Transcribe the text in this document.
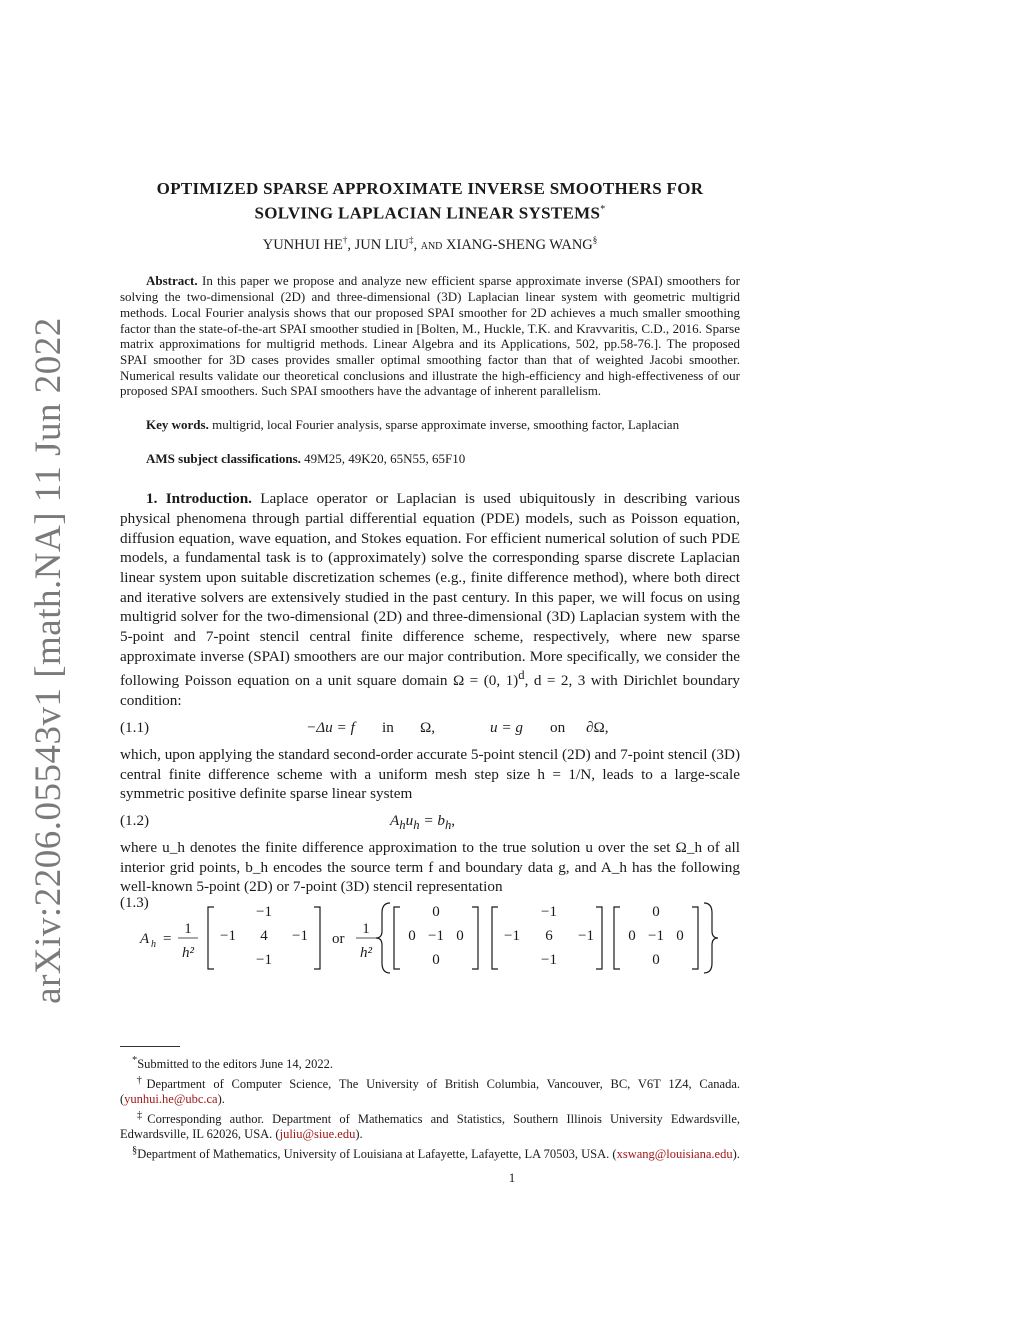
arXiv:2206.05543v1 [math.NA] 11 Jun 2022
OPTIMIZED SPARSE APPROXIMATE INVERSE SMOOTHERS FOR
SOLVING LAPLACIAN LINEAR SYSTEMS*
YUNHUI HE†, JUN LIU‡, and XIANG-SHENG WANG§
Abstract. In this paper we propose and analyze new efficient sparse approximate inverse (SPAI) smoothers for solving the two-dimensional (2D) and three-dimensional (3D) Laplacian linear system with geometric multigrid methods. Local Fourier analysis shows that our proposed SPAI smoother for 2D achieves a much smaller smoothing factor than the state-of-the-art SPAI smoother studied in [Bolten, M., Huckle, T.K. and Kravvaritis, C.D., 2016. Sparse matrix approximations for multigrid methods. Linear Algebra and its Applications, 502, pp.58-76.]. The proposed SPAI smoother for 3D cases provides smaller optimal smoothing factor than that of weighted Jacobi smoother. Numerical results validate our theoretical conclusions and illustrate the high-efficiency and high-effectiveness of our proposed SPAI smoothers. Such SPAI smoothers have the advantage of inherent parallelism.
Key words. multigrid, local Fourier analysis, sparse approximate inverse, smoothing factor, Laplacian
AMS subject classifications. 49M25, 49K20, 65N55, 65F10
1. Introduction. Laplace operator or Laplacian is used ubiquitously in describing various physical phenomena through partial differential equation (PDE) models, such as Poisson equation, diffusion equation, wave equation, and Stokes equation. For efficient numerical solution of such PDE models, a fundamental task is to (approximately) solve the corresponding sparse discrete Laplacian linear system upon suitable discretization schemes (e.g., finite difference method), where both direct and iterative solvers are extensively studied in the past century. In this paper, we will focus on using multigrid solver for the two-dimensional (2D) and three-dimensional (3D) Laplacian system with the 5-point and 7-point stencil central finite difference scheme, respectively, where new sparse approximate inverse (SPAI) smoothers are our major contribution. More specifically, we consider the following Poisson equation on a unit square domain Ω = (0, 1)$^d$, d = 2, 3 with Dirichlet boundary condition:
(1.1)	−Δu = f in Ω,	u = g on ∂Ω,
which, upon applying the standard second-order accurate 5-point stencil (2D) and 7-point stencil (3D) central finite difference scheme with a uniform mesh step size h = 1/N, leads to a large-scale symmetric positive definite sparse linear system
(1.2)	$A_hu_h = b_h$,
where u_h denotes the finite difference approximation to the true solution u over the set Ω_h of all interior grid points, b_h encodes the source term f and boundary data g, and A_h has the following well-known 5-point (2D) or 7-point (3D) stencil representation
(1.3)
A h =
1
h²
−1
−1 4 −1
−1
or
1
h²
0
0 −1 0
0
−1
−1 6 −1
−1
0
0 −1 0
0

*Submitted to the editors June 14, 2022.

†Department of Computer Science, The University of British Columbia, Vancouver, BC, V6T 1Z4, Canada. (yunhui.he@ubc.ca).

‡Corresponding author. Department of Mathematics and Statistics, Southern Illinois University Edwardsville, Edwardsville, IL 62026, USA. (juliu@siue.edu).

§Department of Mathematics, University of Louisiana at Lafayette, Lafayette, LA 70503, USA. (xswang@louisiana.edu).

1
